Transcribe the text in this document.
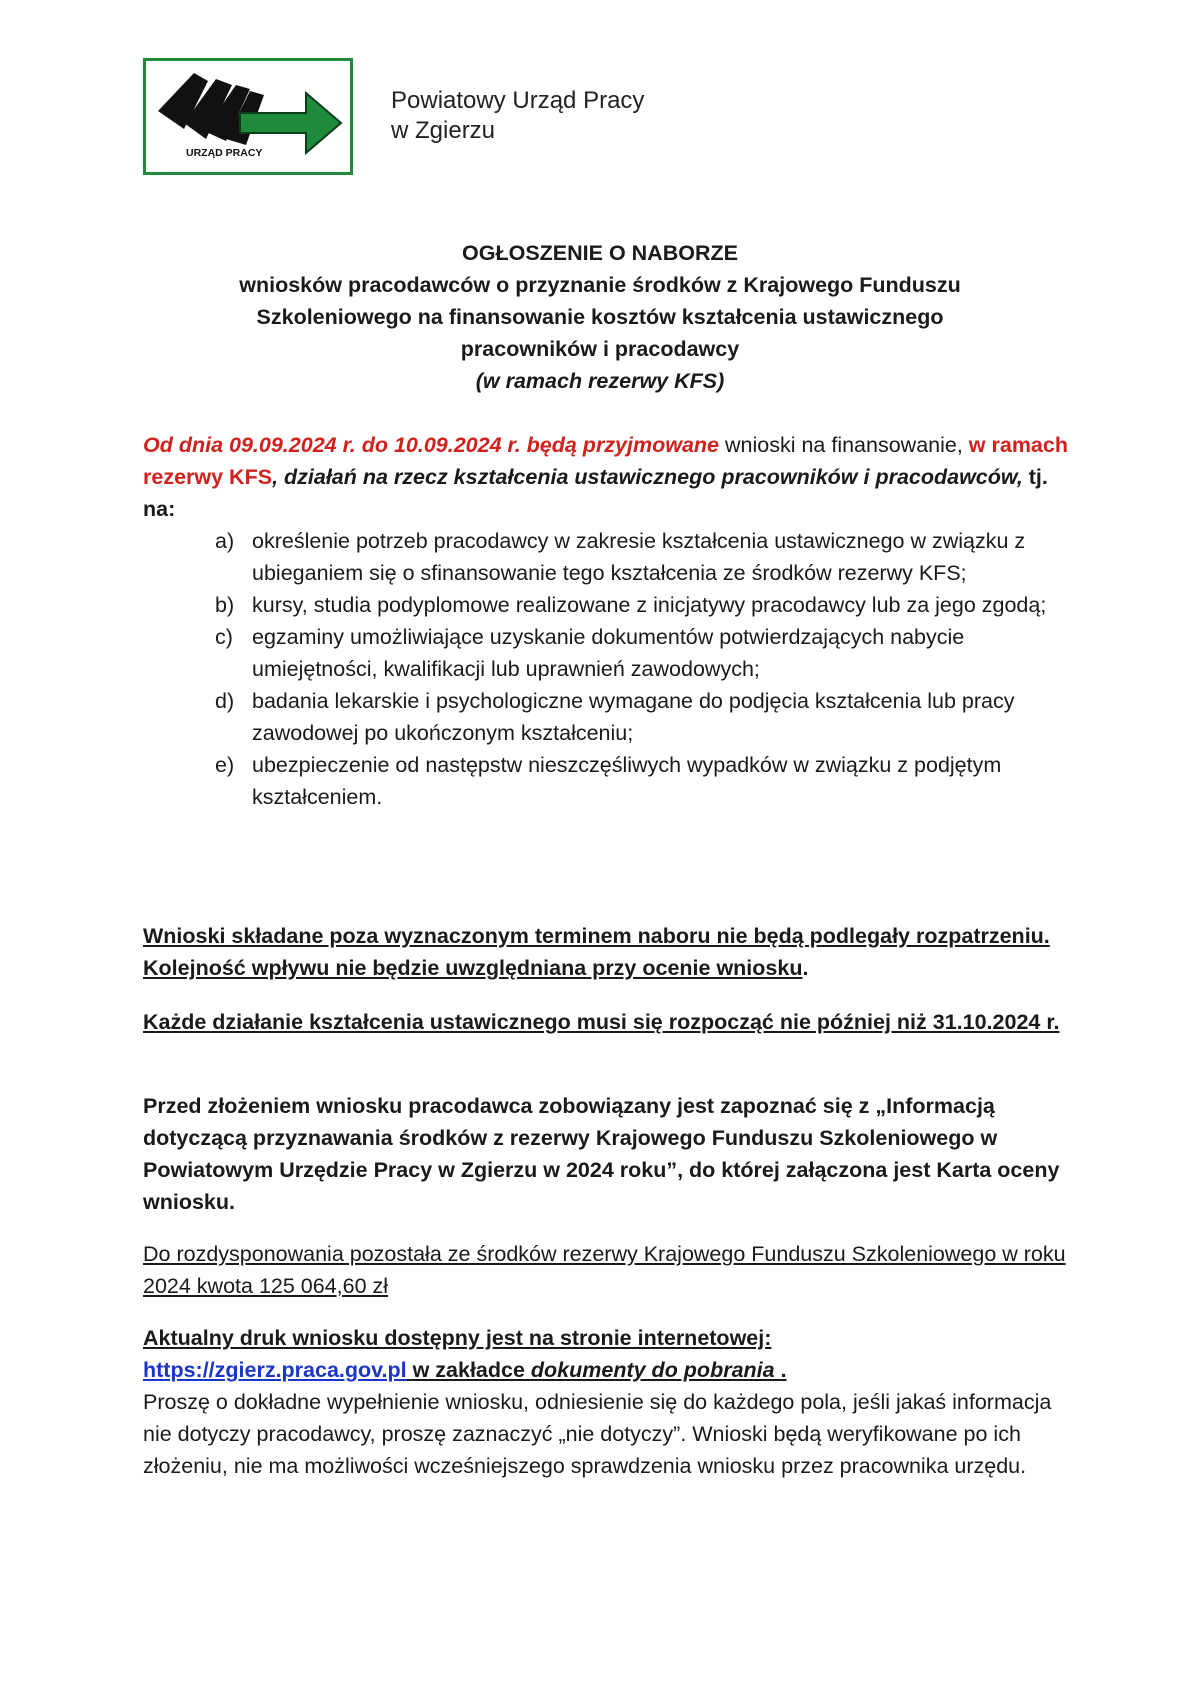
URZĄD PRACY
Powiatowy Urząd Pracy
w Zgierzu
OGŁOSZENIE O NABORZE
wniosków pracodawców o przyznanie środków z Krajowego Funduszu
Szkoleniowego na finansowanie kosztów kształcenia ustawicznego
pracowników i pracodawcy
(w ramach rezerwy KFS)
Od dnia 09.09.2024 r. do 10.09.2024 r. będą przyjmowane wnioski na finansowanie, w ramach rezerwy KFS, działań na rzecz kształcenia ustawicznego pracowników i pracodawców, tj. na:
a) określenie potrzeb pracodawcy w zakresie kształcenia ustawicznego w związku z ubieganiem się o sfinansowanie tego kształcenia ze środków rezerwy KFS;
b) kursy, studia podyplomowe realizowane z inicjatywy pracodawcy lub za jego zgodą;
c) egzaminy umożliwiające uzyskanie dokumentów potwierdzających nabycie umiejętności, kwalifikacji lub uprawnień zawodowych;
d) badania lekarskie i psychologiczne wymagane do podjęcia kształcenia lub pracy zawodowej po ukończonym kształceniu;
e) ubezpieczenie od następstw nieszczęśliwych wypadków w związku z podjętym kształceniem.
Wnioski składane poza wyznaczonym terminem naboru nie będą podlegały rozpatrzeniu. Kolejność wpływu nie będzie uwzględniana przy ocenie wniosku.
Każde działanie kształcenia ustawicznego musi się rozpocząć nie później niż 31.10.2024 r.
Przed złożeniem wniosku pracodawca zobowiązany jest zapoznać się z „Informacją dotyczącą przyznawania środków z rezerwy Krajowego Funduszu Szkoleniowego w Powiatowym Urzędzie Pracy w Zgierzu w 2024 roku”, do której załączona jest Karta oceny wniosku.
Do rozdysponowania pozostała ze środków rezerwy Krajowego Funduszu Szkoleniowego w roku 2024 kwota 125 064,60 zł
Aktualny druk wniosku dostępny jest na stronie internetowej:
https://zgierz.praca.gov.pl w zakładce dokumenty do pobrania .
Proszę o dokładne wypełnienie wniosku, odniesienie się do każdego pola, jeśli jakaś informacja nie dotyczy pracodawcy, proszę zaznaczyć „nie dotyczy”. Wnioski będą weryfikowane po ich złożeniu, nie ma możliwości wcześniejszego sprawdzenia wniosku przez pracownika urzędu.
